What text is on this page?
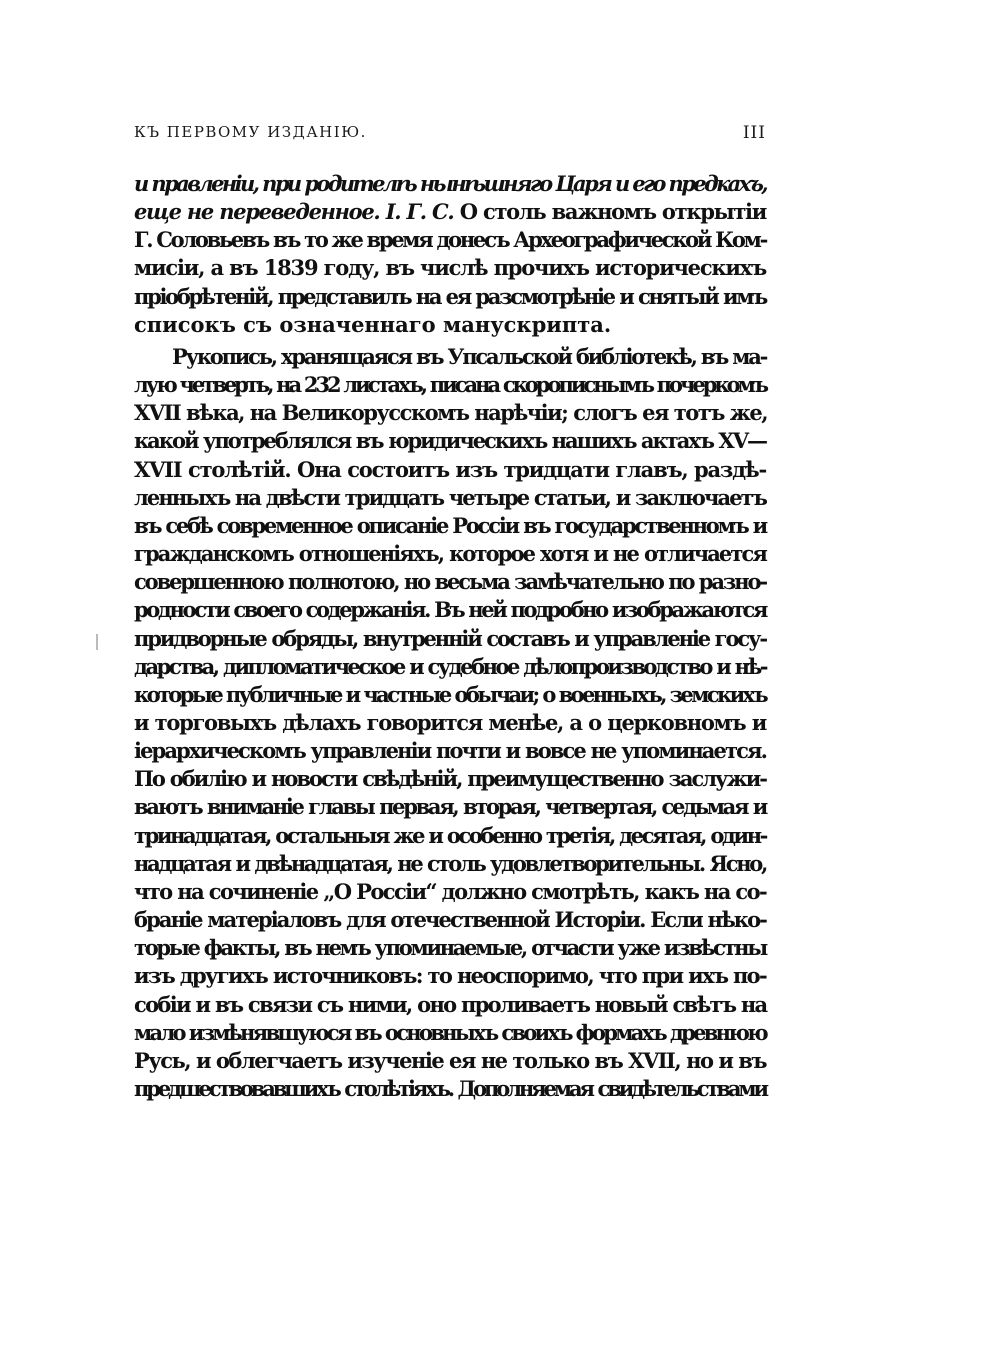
КЪ ПЕРВОМУ ИЗДАНІЮ.	III

и правленіи, при родителѣ нынѣшняго Царя и его предкахъ,
еще не переведенное. І. Г. С. О столь важномъ открытіи
Г. Соловьевъ въ то же время донесъ Археографической Ком-
мисіи, а въ 1839 году, въ числѣ прочихъ историческихъ
пріобрѣтеній, представилъ на ея разсмотрѣніе и снятый имъ
списокъ съ означеннаго манускрипта.

Рукопись, хранящаяся въ Упсальской библіотекѣ, въ ма-
лую четверть, на 232 листахъ, писана скорописнымъ почеркомъ
XVII вѣка, на Великорусскомъ нарѣчіи; слогъ ея тотъ же,
какой употреблялся въ юридическихъ нашихъ актахъ XV—
XVII столѣтій. Она состоитъ изъ тридцати главъ, раздѣ-
ленныхъ на двѣсти тридцать четыре статьи, и заключаетъ
въ себѣ современное описаніе Россіи въ государственномъ и
гражданскомъ отношеніяхъ, которое хотя и не отличается
совершенною полнотою, но весьма замѣчательно по разно-
родности своего содержанія. Въ ней подробно изображаются
придворные обряды, внутренній составъ и управленіе госу-
дарства, дипломатическое и судебное дѣлопроизводство и нѣ-
которые публичные и частные обычаи; о военныхъ, земскихъ
и торговыхъ дѣлахъ говорится менѣе, а о церковномъ и
іерархическомъ управленіи почти и вовсе не упоминается.
По обилію и новости свѣдѣній, преимущественно заслужи-
ваютъ вниманіе главы первая, вторая, четвертая, седьмая и
тринадцатая, остальныя же и особенно третія, десятая, один-
надцатая и двѣнадцатая, не столь удовлетворительны. Ясно,
что на сочиненіе „О Россіи“ должно смотрѣть, какъ на со-
браніе матеріаловъ для отечественной Исторіи. Если нѣко-
торые факты, въ немъ упоминаемые, отчасти уже извѣстны
изъ другихъ источниковъ: то неоспоримо, что при ихъ по-
собіи и въ связи съ ними, оно проливаетъ новый свѣтъ на
мало измѣнявшуюся въ основныхъ своихъ формахъ древнюю
Русь, и облегчаетъ изученіе ея не только въ XVII, но и въ
предшествовавшихъ столѣтіяхъ. Дополняемая свидѣтельствами
